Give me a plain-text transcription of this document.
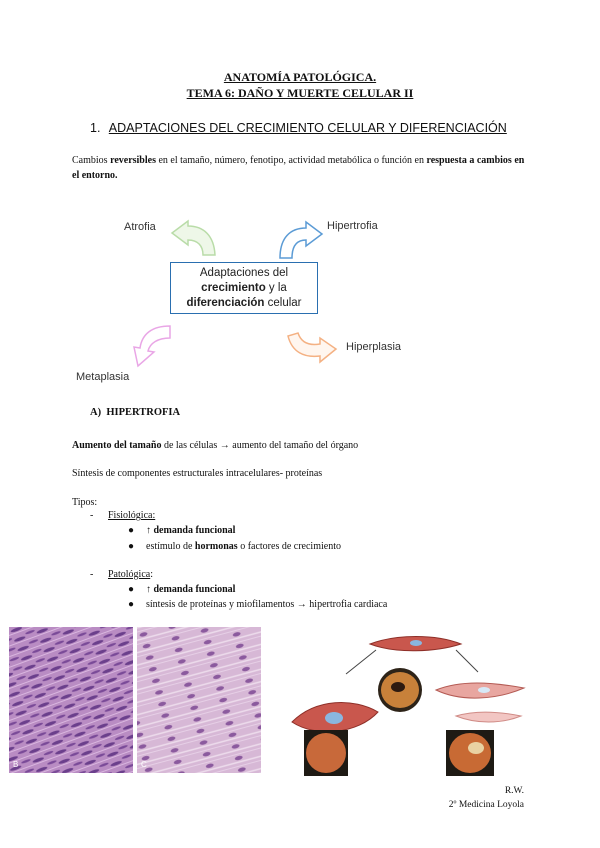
ANATOMÍA PATOLÓGICA.
TEMA 6: DAÑO Y MUERTE CELULAR II
1. ADAPTACIONES DEL CRECIMIENTO CELULAR Y DIFERENCIACIÓN
Cambios reversibles en el tamaño, número, fenotipo, actividad metabólica o función en respuesta a cambios en el entorno.
Atrofia	Hipertrofia
Hiperplasia
Metaplasia
Adaptaciones del
crecimiento y la
diferenciación celular
A) HIPERTROFIA
Aumento del tamaño de las células → aumento del tamaño del órgano
Síntesis de componentes estructurales intracelulares- proteínas
Tipos:
- Fisiológica:
● ↑ demanda funcional
● estímulo de hormonas o factores de crecimiento
- Patológica:
● ↑ demanda funcional
● síntesis de proteínas y miofilamentos → hipertrofia cardiaca
B	C
R.W.
2º Medicina Loyola
